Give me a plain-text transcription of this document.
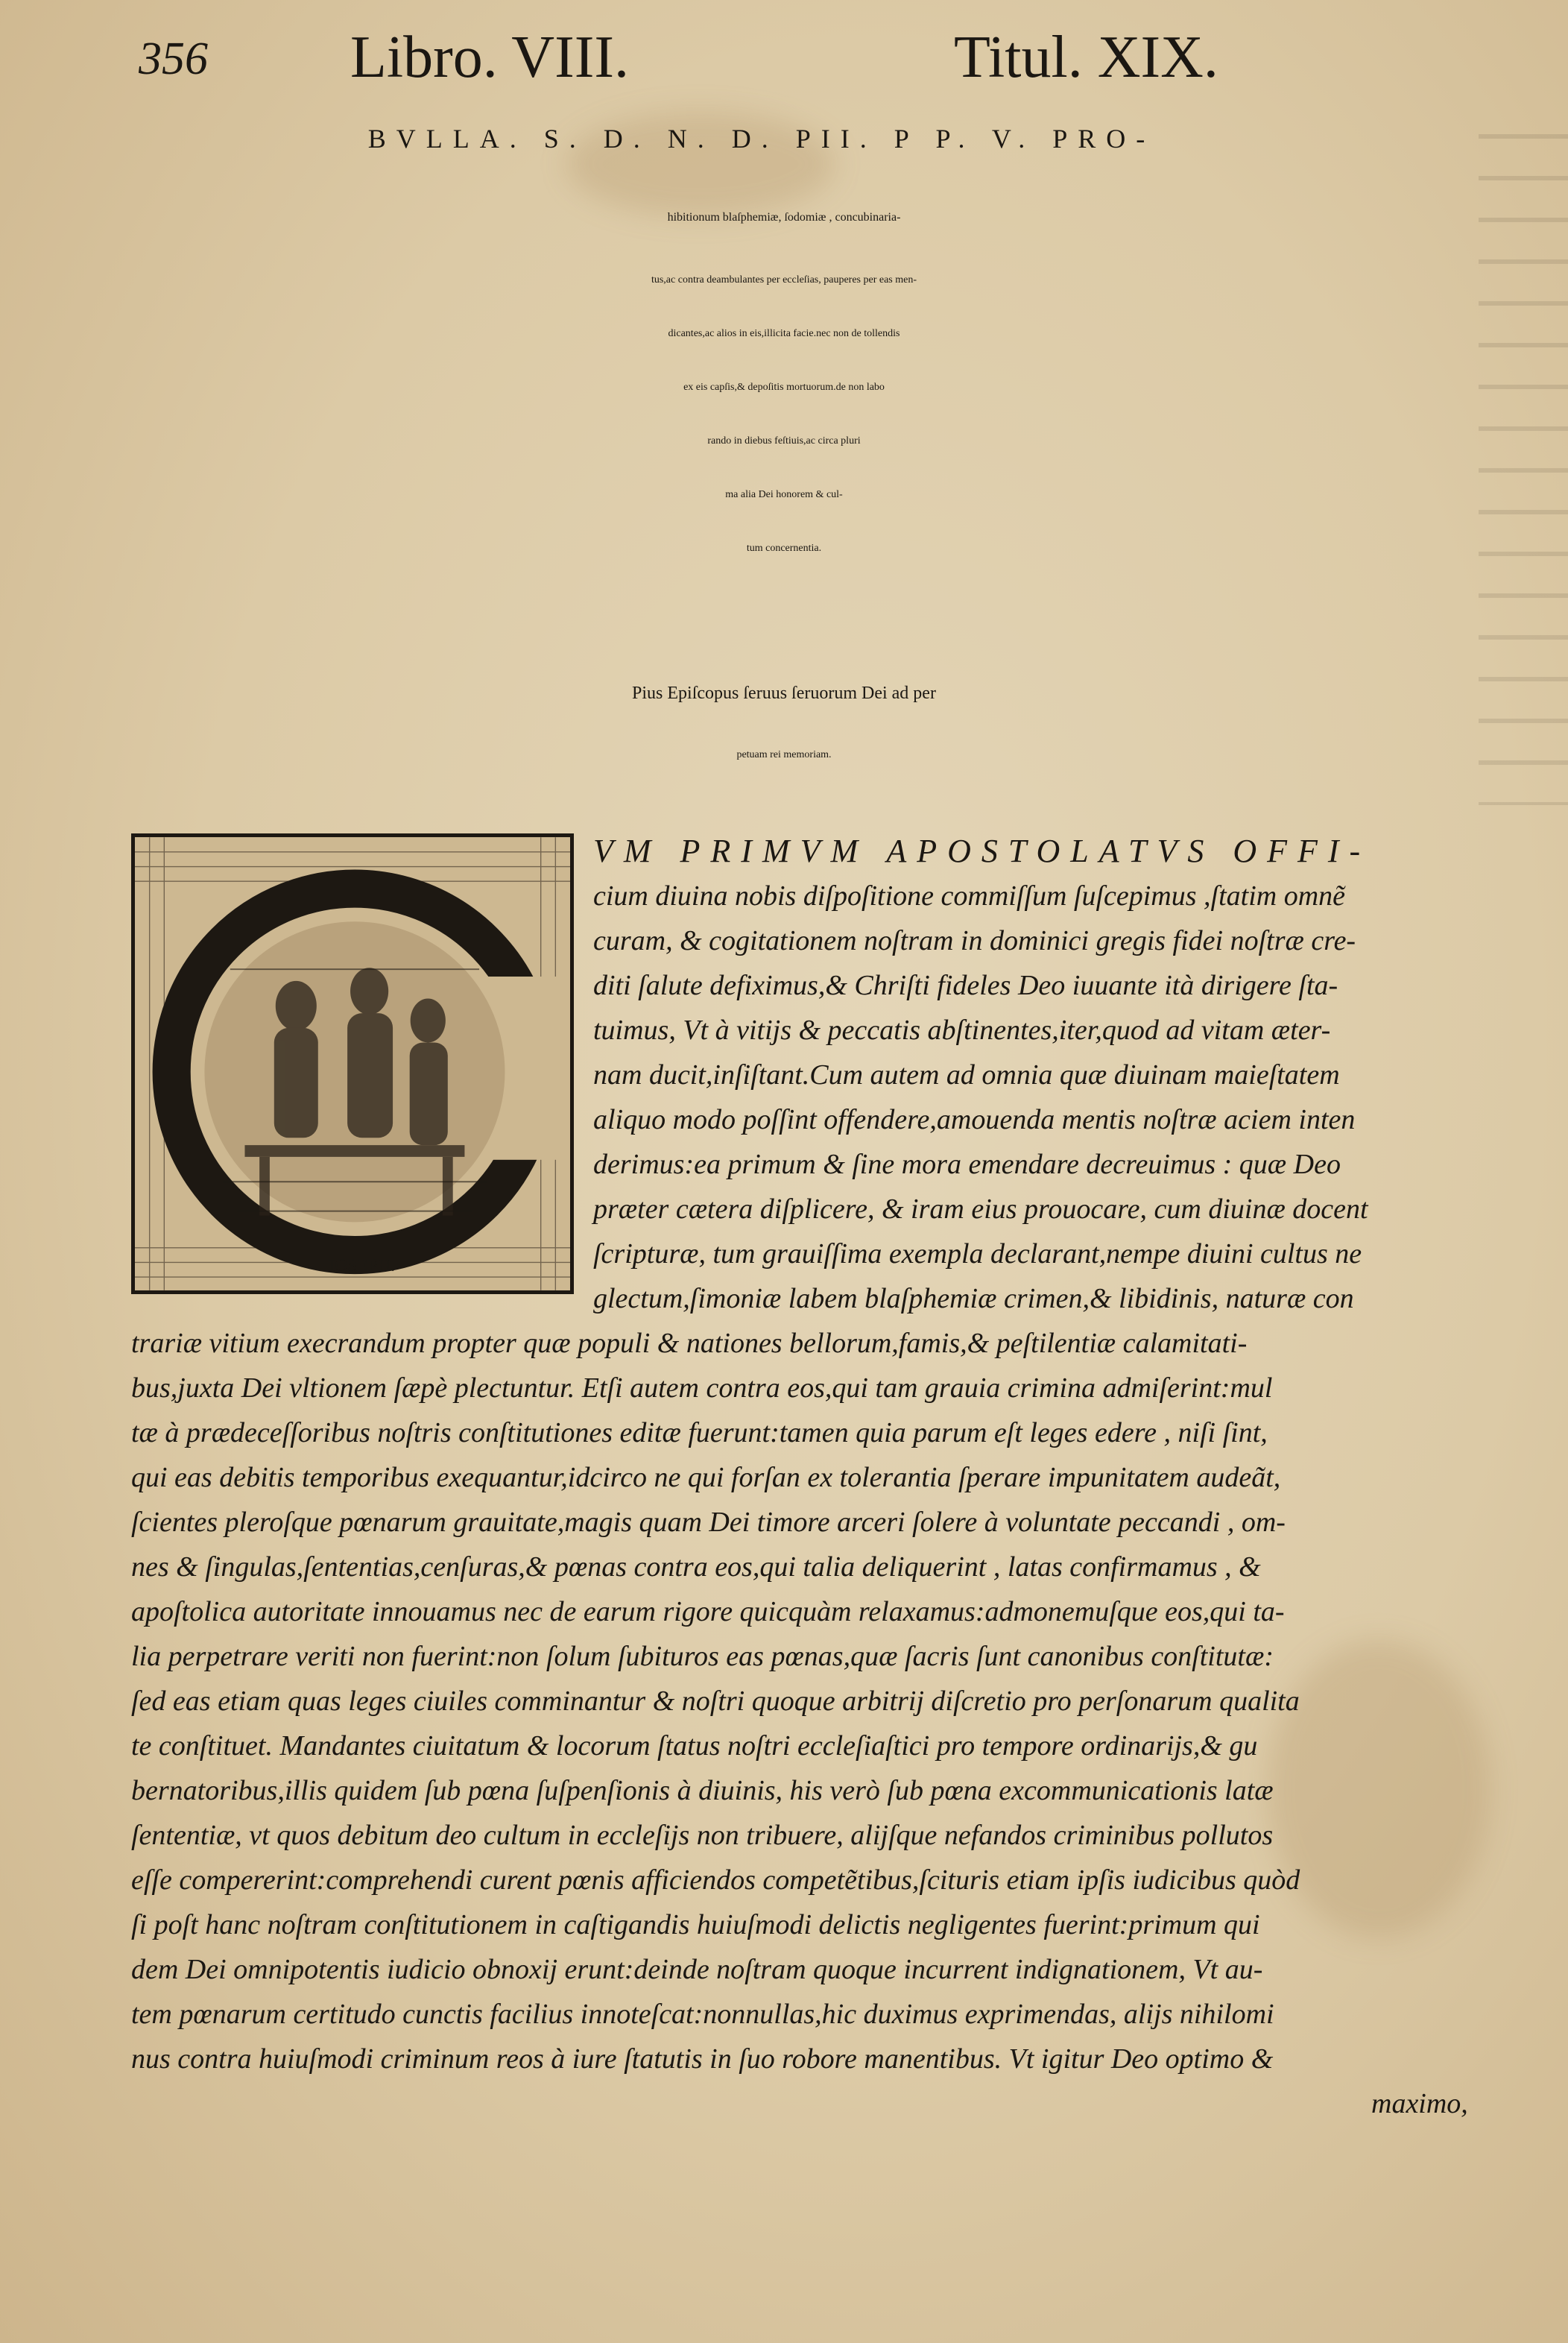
356 Libro. VIII.	Titul. XIX.
BVLLA. S. D. N. D. PII. P P. V. PRO-
hibitionum blaſphemiæ, ſodomiæ , concubinaria-
tus,ac contra deambulantes per eccleſias, pauperes per eas men-
dicantes,ac alios in eis,illicita facie.nec non de tollendis
ex eis capſis,& depoſitis mortuorum.de non labo
rando in diebus feſtiuis,ac circa pluri
ma alia Dei honorem & cul-
tum concernentia.
Pius Epiſcopus ſeruus ſeruorum Dei ad per
petuam rei memoriam.
IOSEPH.
VM PRIMVM APOSTOLATVS OFFI-
cium diuina nobis diſpoſitione commiſſum ſuſcepimus ,ſtatim omnẽ
curam, & cogitationem noſtram in dominici gregis fidei noſtræ cre-
diti ſalute defiximus,& Chriſti fideles Deo iuuante ità dirigere ſta-
tuimus, Vt à vitijs & peccatis abſtinentes,iter,quod ad vitam æter-
nam ducit,inſiſtant.Cum autem ad omnia quæ diuinam maieſtatem
aliquo modo poſſint offendere,amouenda mentis noſtræ aciem inten
derimus:ea primum & ſine mora emendare decreuimus : quæ Deo
præter cætera diſplicere, & iram eius prouocare, cum diuinæ docent
ſcripturæ, tum grauiſſima exempla declarant,nempe diuini cultus ne
glectum,ſimoniæ labem blaſphemiæ crimen,& libidinis, naturæ con
trariæ vitium execrandum propter quæ populi & nationes bellorum,famis,& peſtilentiæ calamitati-
bus,juxta Dei vltionem ſæpè plectuntur. Etſi autem contra eos,qui tam grauia crimina admiſerint:mul
tæ à prædeceſſoribus noſtris conſtitutiones editæ fuerunt:tamen quia parum eſt leges edere , niſi ſint,
qui eas debitis temporibus exequantur,idcirco ne qui forſan ex tolerantia ſperare impunitatem audeãt,
ſcientes pleroſque pœnarum grauitate,magis quam Dei timore arceri ſolere à voluntate peccandi , om-
nes & ſingulas,ſententias,cenſuras,& pœnas contra eos,qui talia deliquerint , latas confirmamus , &
apoſtolica autoritate innouamus nec de earum rigore quicquàm relaxamus:admonemuſque eos,qui ta-
lia perpetrare veriti non fuerint:non ſolum ſubituros eas pœnas,quæ ſacris ſunt canonibus conſtitutæ:
ſed eas etiam quas leges ciuiles comminantur & noſtri quoque arbitrij diſcretio pro perſonarum qualita
te conſtituet. Mandantes ciuitatum & locorum ſtatus noſtri eccleſiaſtici pro tempore ordinarijs,& gu
bernatoribus,illis quidem ſub pœna ſuſpenſionis à diuinis, his verò ſub pœna excommunicationis latæ
ſententiæ, vt quos debitum deo cultum in eccleſijs non tribuere, alijſque nefandos criminibus pollutos
eſſe compererint:comprehendi curent pœnis afficiendos competẽtibus,ſcituris etiam ipſis iudicibus quòd
ſi poſt hanc noſtram conſtitutionem in caſtigandis huiuſmodi delictis negligentes fuerint:primum qui
dem Dei omnipotentis iudicio obnoxij erunt:deinde noſtram quoque incurrent indignationem, Vt au-
tem pœnarum certitudo cunctis facilius innoteſcat:nonnullas,hic duximus exprimendas, alijs nihilomi
nus contra huiuſmodi criminum reos à iure ſtatutis in ſuo robore manentibus. Vt igitur Deo optimo &
maximo,
